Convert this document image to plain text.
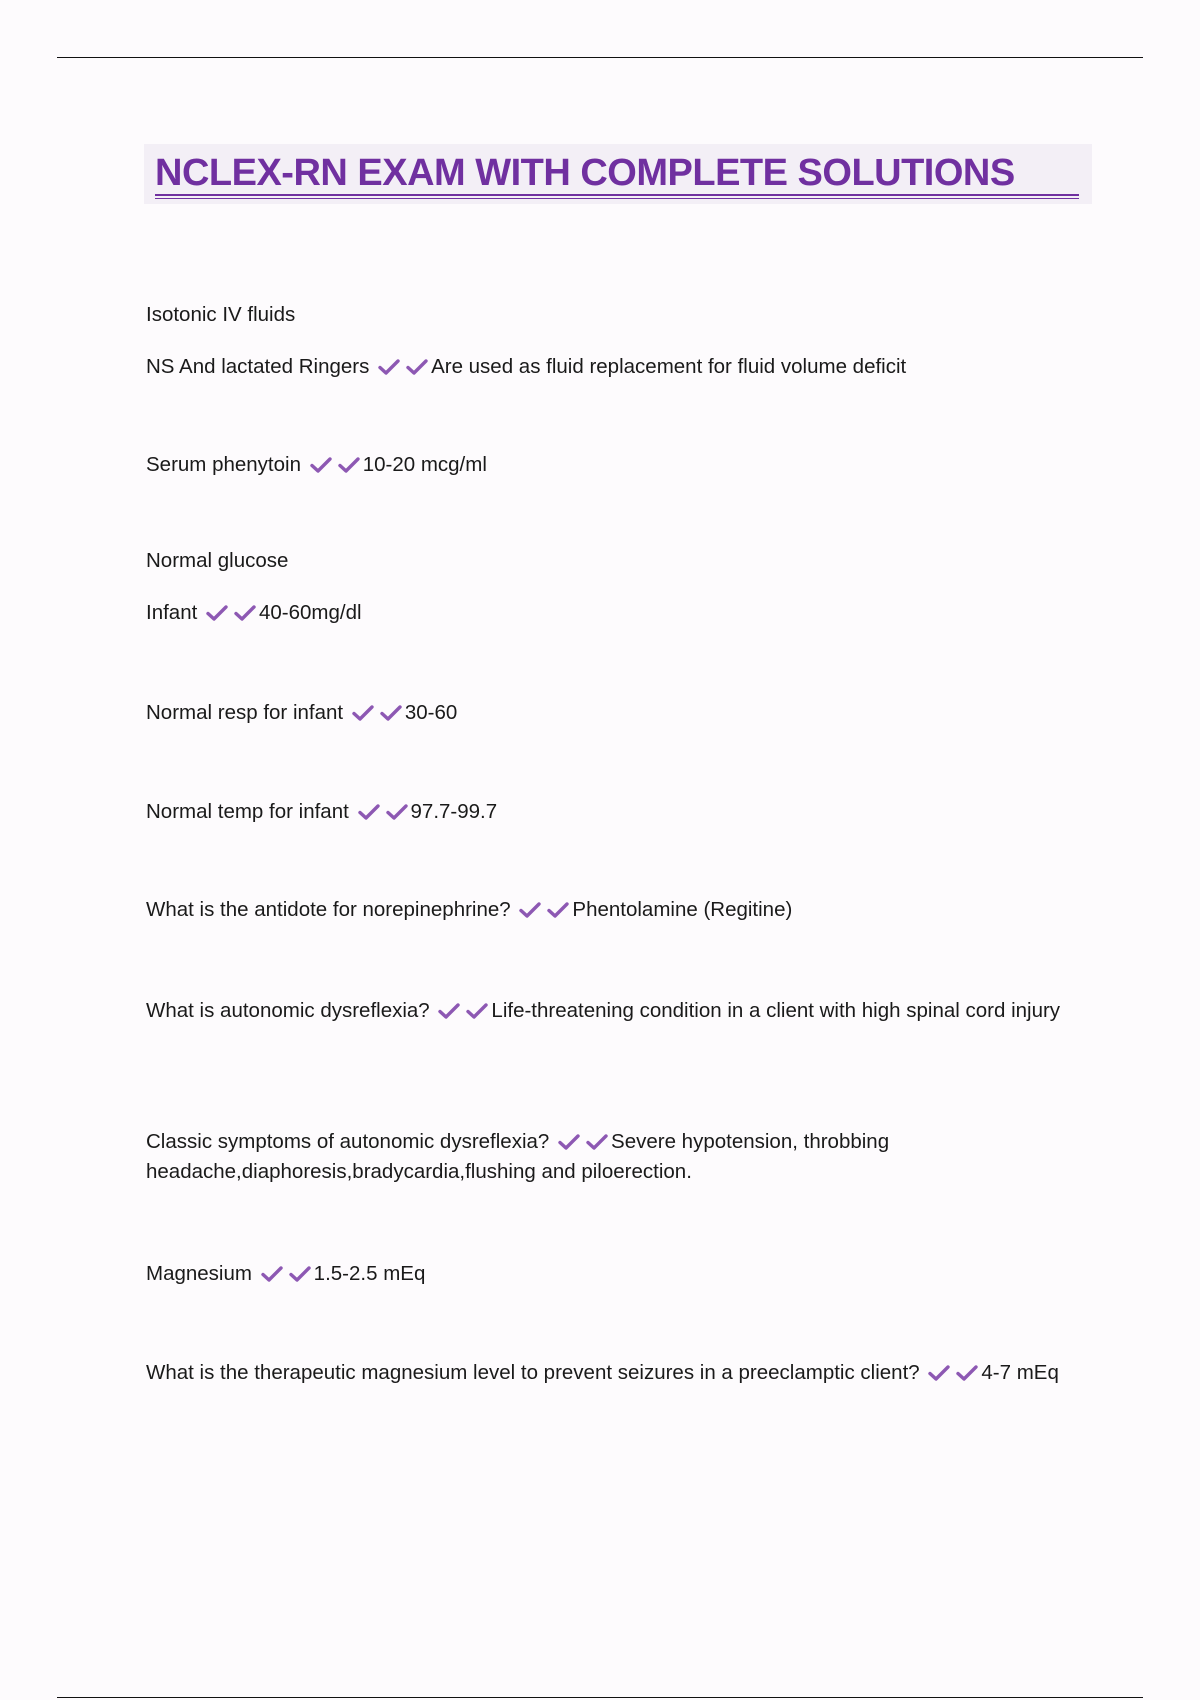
NCLEX-RN EXAM WITH COMPLETE SOLUTIONS
Isotonic IV fluids
NS And lactated Ringers	Are used as fluid replacement for fluid volume deficit
Serum phenytoin	10-20 mcg/ml
Normal glucose
Infant	40-60mg/dl
Normal resp for infant	30-60
Normal temp for infant	97.7-99.7
What is the antidote for norepinephrine?	Phentolamine (Regitine)
What is autonomic dysreflexia?	Life-threatening condition in a client with high spinal cord injury
Classic symptoms of autonomic dysreflexia?	Severe hypotension, throbbing headache,diaphoresis,bradycardia,flushing and piloerection.
Magnesium	1.5-2.5 mEq
What is the therapeutic magnesium level to prevent seizures in a preeclamptic client?	4-7 mEq
